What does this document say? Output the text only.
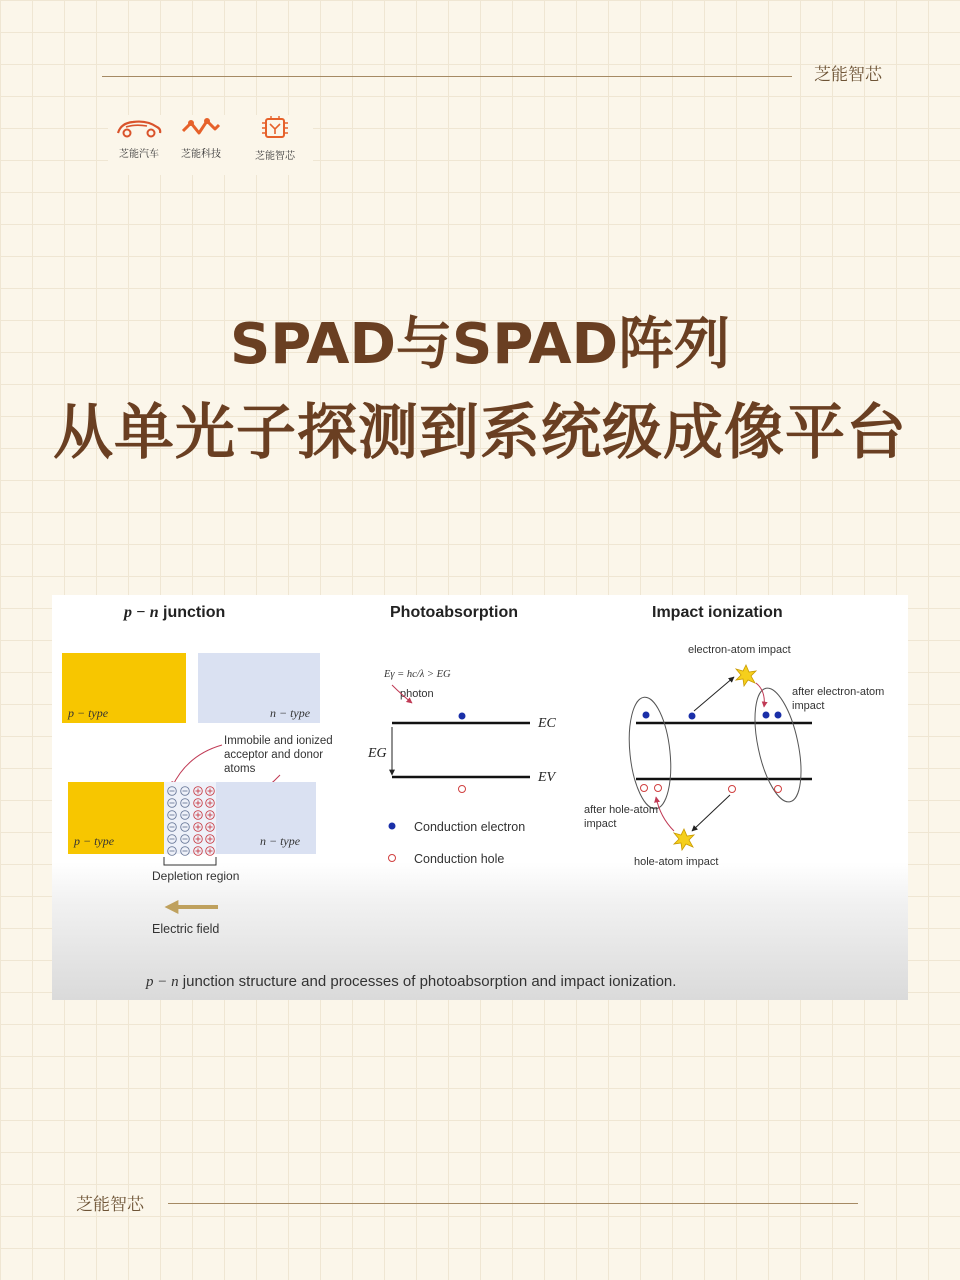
芝能智芯
芝能汽车	芝能科技	芝能智芯
SPAD与SPAD阵列
从单光子探测到系统级成像平台
p − n junction
p − type	n − type
Immobile and ionized
acceptor and donor
atoms
p − type	n − type
Depletion region
Electric field
Photoabsorption
Eγ = hc/λ > EG
photon
EC
EV
EG
Conduction electron
Conduction hole
Impact ionization
electron-atom impact
after electron-atom
impact
after hole-atom
impact
hole-atom impact
p − n junction structure and processes of photoabsorption and impact ionization.
芝能智芯
